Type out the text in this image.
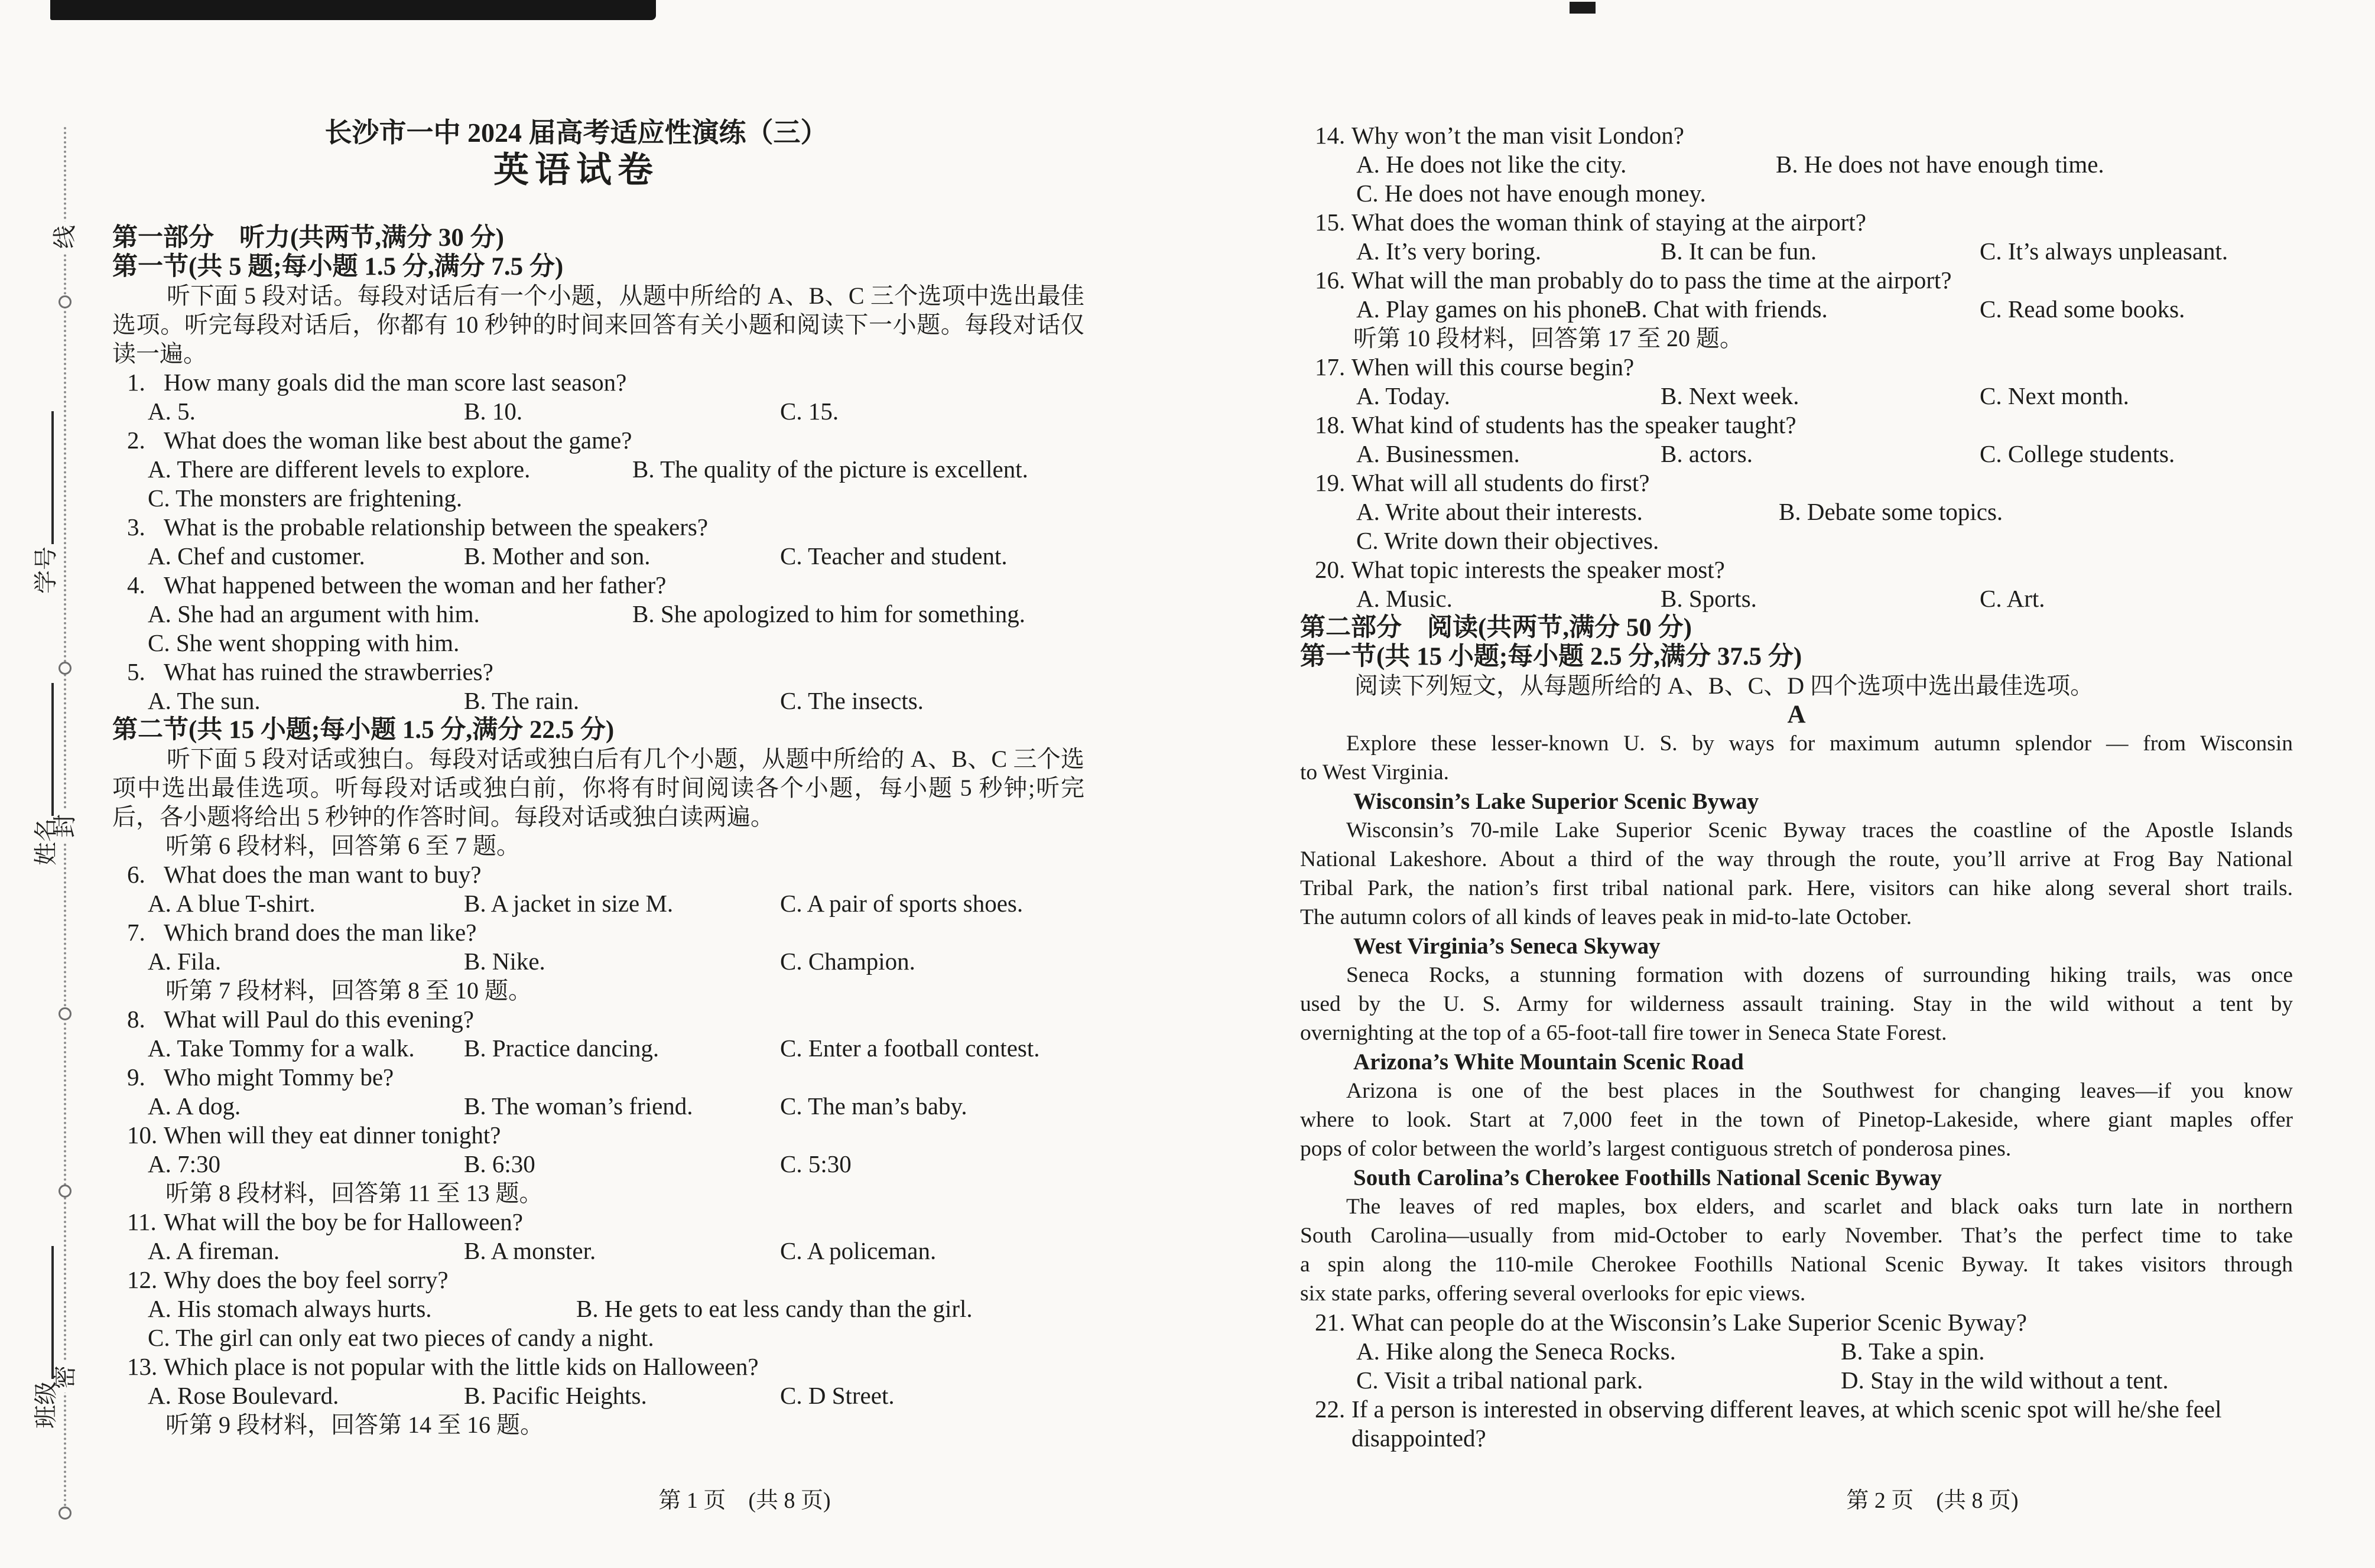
线
封
密
学号
姓名
班级
长沙市一中 2024 届高考适应性演练（三）
英语试卷
第一部分　听力(共两节,满分 30 分)
第一节(共 5 题;每小题 1.5 分,满分 7.5 分)
听下面 5 段对话。每段对话后有一个小题，从题中所给的 A、B、C 三个选项中选出最佳
选项。听完每段对话后，你都有 10 秒钟的时间来回答有关小题和阅读下一小题。每段对话仅
读一遍。
1. How many goals did the man score last season?
A. 5.	B. 10.	C. 15.
2. What does the woman like best about the game?
A. There are different levels to explore.	B. The quality of the picture is excellent.
C. The monsters are frightening.
3. What is the probable relationship between the speakers?
A. Chef and customer.	B. Mother and son.	C. Teacher and student.
4. What happened between the woman and her father?
A. She had an argument with him.	B. She apologized to him for something.
C. She went shopping with him.
5. What has ruined the strawberries?
A. The sun.	B. The rain.	C. The insects.
第二节(共 15 小题;每小题 1.5 分,满分 22.5 分)
听下面 5 段对话或独白。每段对话或独白后有几个小题，从题中所给的 A、B、C 三个选
项中选出最佳选项。听每段对话或独白前，你将有时间阅读各个小题，每小题 5 秒钟;听完
后，各小题将给出 5 秒钟的作答时间。每段对话或独白读两遍。
听第 6 段材料，回答第 6 至 7 题。
6. What does the man want to buy?
A. A blue T-shirt.	B. A jacket in size M.	C. A pair of sports shoes.
7. Which brand does the man like?
A. Fila.	B. Nike.	C. Champion.
听第 7 段材料，回答第 8 至 10 题。
8. What will Paul do this evening?
A. Take Tommy for a walk.	B. Practice dancing.	C. Enter a football contest.
9. Who might Tommy be?
A. A dog.	B. The woman’s friend.	C. The man’s baby.
10. When will they eat dinner tonight?
A. 7:30	B. 6:30	C. 5:30
听第 8 段材料，回答第 11 至 13 题。
11. What will the boy be for Halloween?
A. A fireman.	B. A monster.	C. A policeman.
12. Why does the boy feel sorry?
A. His stomach always hurts.	B. He gets to eat less candy than the girl.
C. The girl can only eat two pieces of candy a night.
13. Which place is not popular with the little kids on Halloween?
A. Rose Boulevard.	B. Pacific Heights.	C. D Street.
听第 9 段材料，回答第 14 至 16 题。
14. Why won’t the man visit London?
A. He does not like the city.	B. He does not have enough time.
C. He does not have enough money.
15. What does the woman think of staying at the airport?
A. It’s very boring.	B. It can be fun.	C. It’s always unpleasant.
16. What will the man probably do to pass the time at the airport?
A. Play games on his phone.
B. Chat with friends.	C. Read some books.
听第 10 段材料，回答第 17 至 20 题。
17. When will this course begin?
A. Today.	B. Next week.	C. Next month.
18. What kind of students has the speaker taught?
A. Businessmen.	B. actors.	C. College students.
19. What will all students do first?
A. Write about their interests.	B. Debate some topics.
C. Write down their objectives.
20. What topic interests the speaker most?
A. Music.	B. Sports.	C. Art.
第二部分　阅读(共两节,满分 50 分)
第一节(共 15 小题;每小题 2.5 分,满分 37.5 分)
阅读下列短文，从每题所给的 A、B、C、D 四个选项中选出最佳选项。
A
Explore these lesser-known U. S. by ways for maximum autumn splendor — from Wisconsin
to West Virginia.
Wisconsin’s Lake Superior Scenic Byway
Wisconsin’s 70-mile Lake Superior Scenic Byway traces the coastline of the Apostle Islands
National Lakeshore. About a third of the way through the route, you’ll arrive at Frog Bay National
Tribal Park, the nation’s first tribal national park. Here, visitors can hike along several short trails.
The autumn colors of all kinds of leaves peak in mid-to-late October.
West Virginia’s Seneca Skyway
Seneca Rocks, a stunning formation with dozens of surrounding hiking trails, was once
used by the U. S. Army for wilderness assault training. Stay in the wild without a tent by
overnighting at the top of a 65-foot-tall fire tower in Seneca State Forest.
Arizona’s White Mountain Scenic Road
Arizona is one of the best places in the Southwest for changing leaves—if you know
where to look. Start at 7,000 feet in the town of Pinetop-Lakeside, where giant maples offer
pops of color between the world’s largest contiguous stretch of ponderosa pines.
South Carolina’s Cherokee Foothills National Scenic Byway
The leaves of red maples, box elders, and scarlet and black oaks turn late in northern
South Carolina—usually from mid-October to early November. That’s the perfect time to take
a spin along the 110-mile Cherokee Foothills National Scenic Byway. It takes visitors through
six state parks, offering several overlooks for epic views.
21. What can people do at the Wisconsin’s Lake Superior Scenic Byway?
A. Hike along the Seneca Rocks.	B. Take a spin.
C. Visit a tribal national park.	D. Stay in the wild without a tent.
22. If a person is interested in observing different leaves, at which scenic spot will he/she feel
disappointed?
第 1 页　(共 8 页)	第 2 页　(共 8 页)
